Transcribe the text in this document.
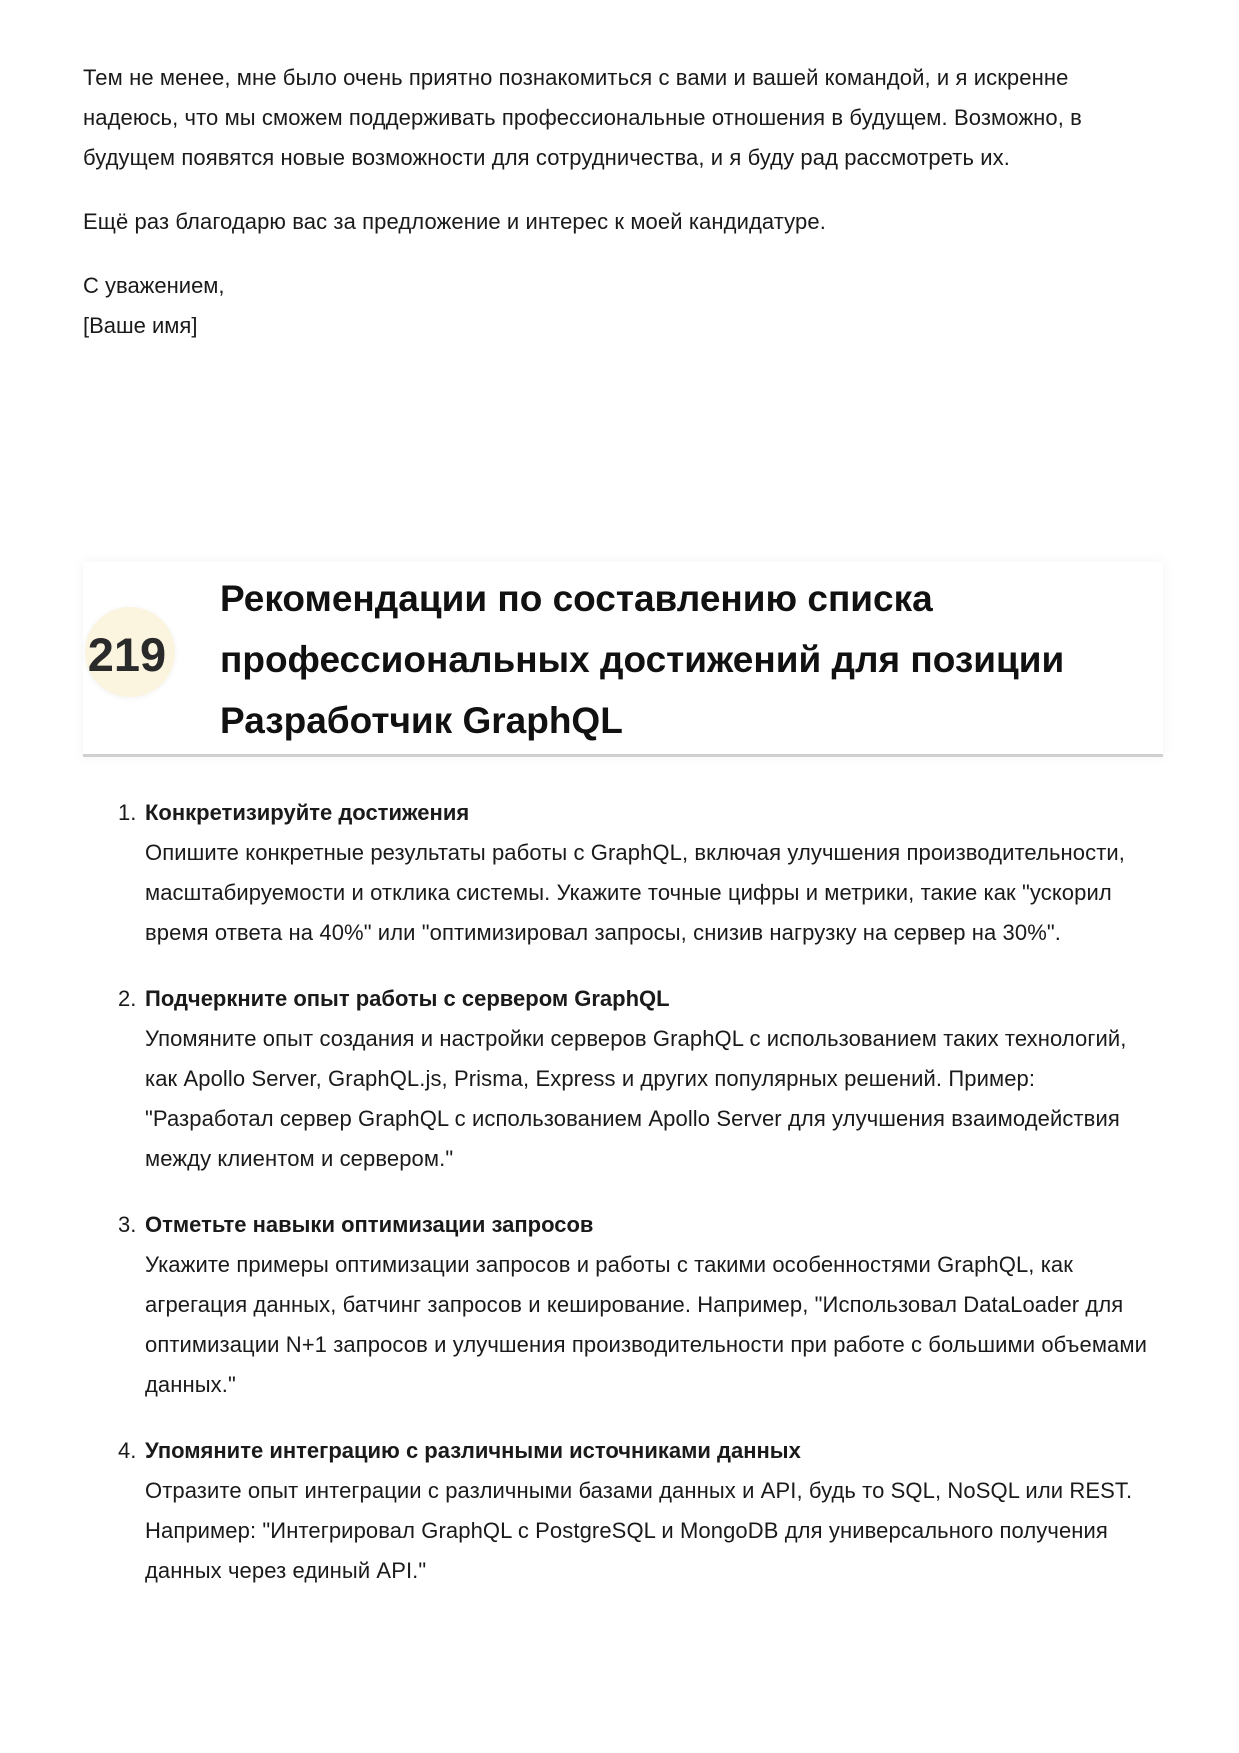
Тем не менее, мне было очень приятно познакомиться с вами и вашей командой, и я искренне надеюсь, что мы сможем поддерживать профессиональные отношения в будущем. Возможно, в будущем появятся новые возможности для сотрудничества, и я буду рад рассмотреть их.

Ещё раз благодарю вас за предложение и интерес к моей кандидатуре.

С уважением,

[Ваше имя]

219
Рекомендации по составлению списка профессиональных достижений для позиции Разработчик GraphQL
1. Конкретизируйте достижения

Опишите конкретные результаты работы с GraphQL, включая улучшения производительности, масштабируемости и отклика системы. Укажите точные цифры и метрики, такие как "ускорил время ответа на 40%" или "оптимизировал запросы, снизив нагрузку на сервер на 30%".

2. Подчеркните опыт работы с сервером GraphQL

Упомяните опыт создания и настройки серверов GraphQL с использованием таких технологий, как Apollo Server, GraphQL.js, Prisma, Express и других популярных решений. Пример: "Разработал сервер GraphQL с использованием Apollo Server для улучшения взаимодействия между клиентом и сервером."

3. Отметьте навыки оптимизации запросов

Укажите примеры оптимизации запросов и работы с такими особенностями GraphQL, как агрегация данных, батчинг запросов и кеширование. Например, "Использовал DataLoader для оптимизации N+1 запросов и улучшения производительности при работе с большими объемами данных."

4. Упомяните интеграцию с различными источниками данных

Отразите опыт интеграции с различными базами данных и API, будь то SQL, NoSQL или REST. Например: "Интегрировал GraphQL с PostgreSQL и MongoDB для универсального получения данных через единый API."
